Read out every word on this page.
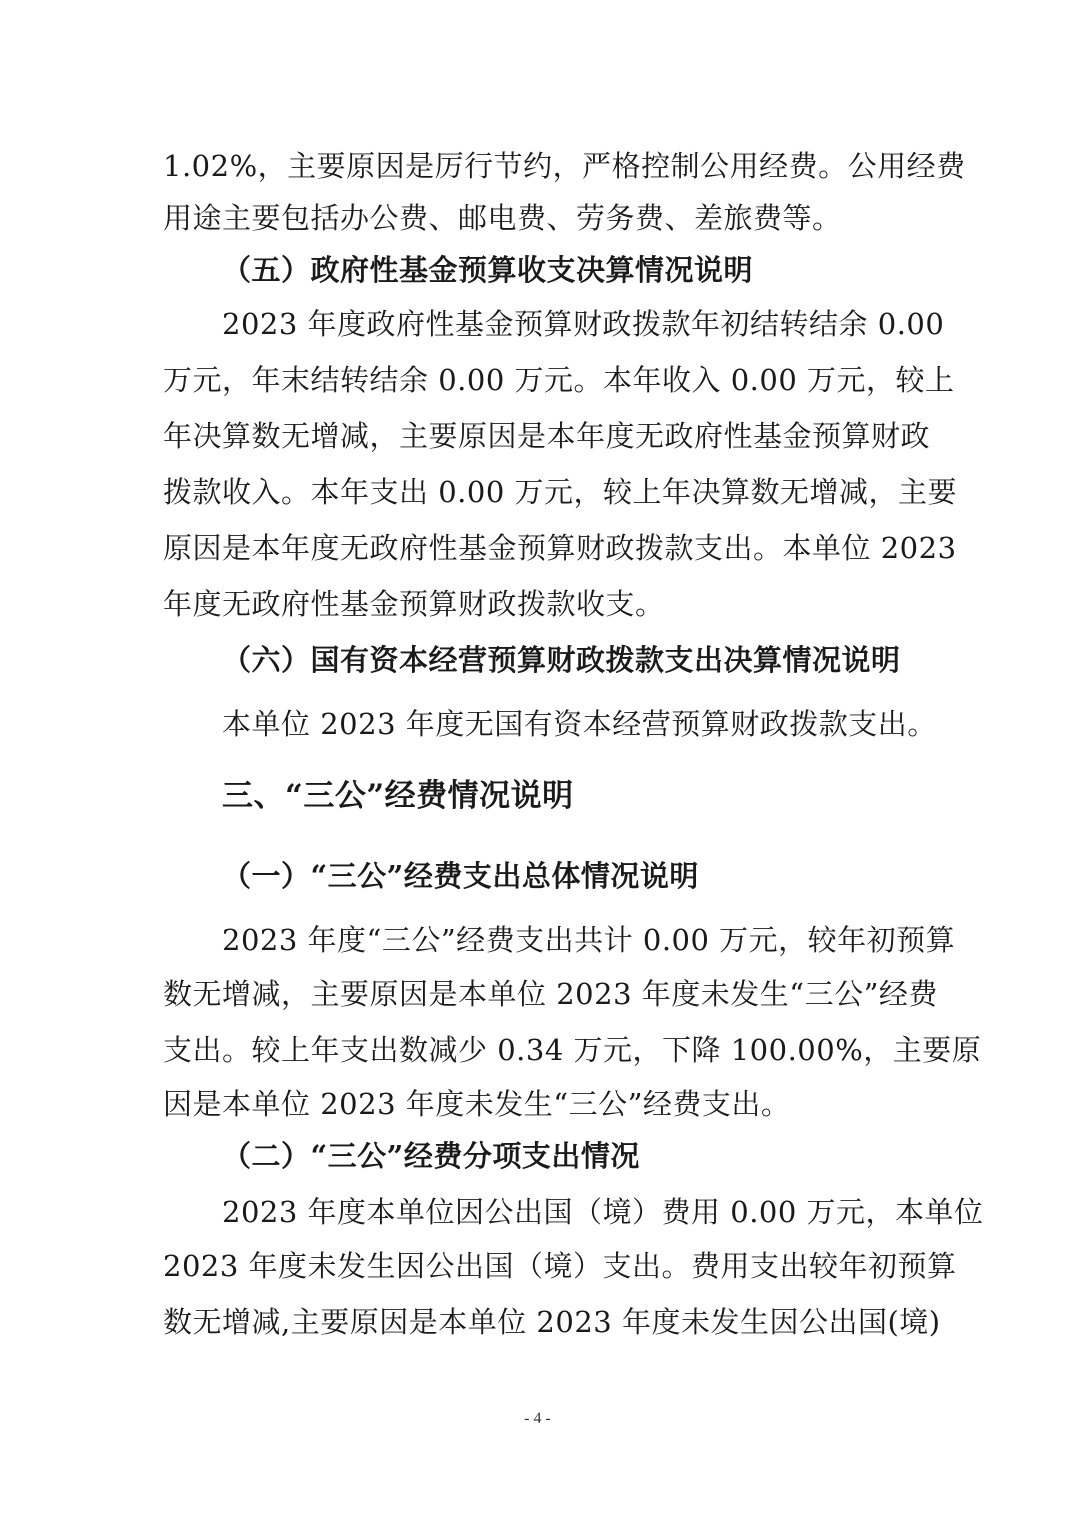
1.02%，主要原因是厉行节约，严格控制公用经费。公用经费

用途主要包括办公费、邮电费、劳务费、差旅费等。

（五）政府性基金预算收支决算情况说明

2023 年度政府性基金预算财政拨款年初结转结余 0.00

万元，年末结转结余 0.00 万元。本年收入 0.00 万元，较上

年决算数无增减，主要原因是本年度无政府性基金预算财政

拨款收入。本年支出 0.00 万元，较上年决算数无增减，主要

原因是本年度无政府性基金预算财政拨款支出。本单位 2023

年度无政府性基金预算财政拨款收支。

（六）国有资本经营预算财政拨款支出决算情况说明

本单位 2023 年度无国有资本经营预算财政拨款支出。

三、“三公”经费情况说明

（一）“三公”经费支出总体情况说明

2023 年度“三公”经费支出共计 0.00 万元，较年初预算

数无增减，主要原因是本单位 2023 年度未发生“三公”经费

支出。较上年支出数减少 0.34 万元，下降 100.00%，主要原

因是本单位 2023 年度未发生“三公”经费支出。

（二）“三公”经费分项支出情况

2023 年度本单位因公出国（境）费用 0.00 万元，本单位

2023 年度未发生因公出国（境）支出。费用支出较年初预算

数无增减,主要原因是本单位 2023 年度未发生因公出国(境)

- 4 -
